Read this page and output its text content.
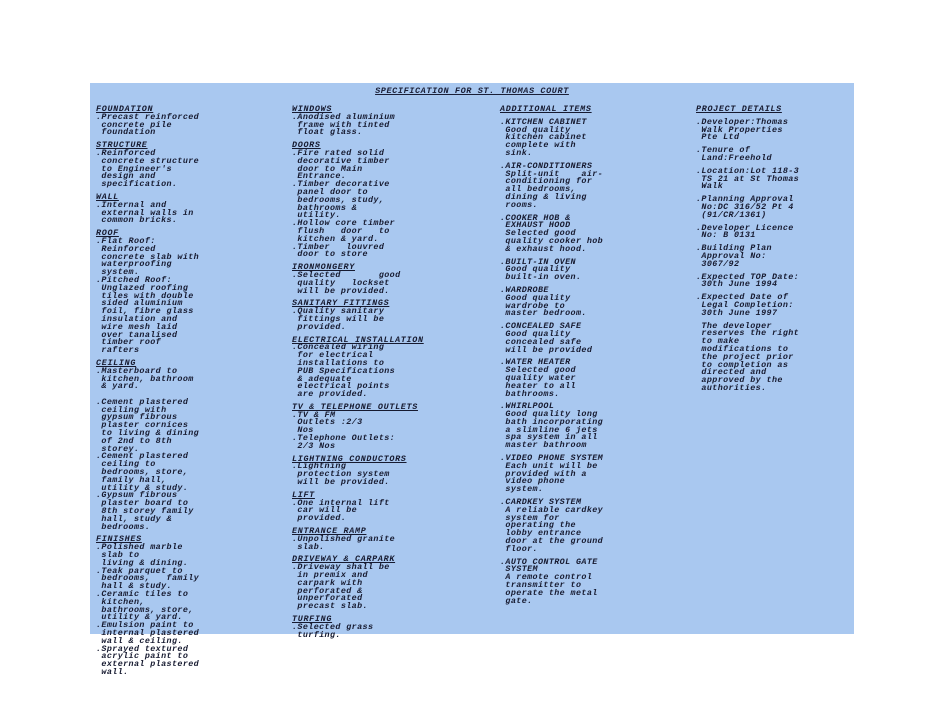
SPECIFICATION FOR ST. THOMAS COURT
FOUNDATION
.Precast reinforced
concrete pile
foundation
STRUCTURE
.Reinforced
concrete structure
to Engineer's
design and
specification.
WALL
.Internal and
external walls in
common bricks.
ROOF
.Flat Roof:
Reinforced
concrete slab with
waterproofing
system.
.Pitched Roof:
Unglazed roofing
tiles with double
sided aluminium
foil, fibre glass
insulation and
wire mesh laid
over tanalised
timber roof
rafters
CEILING
.Masterboard to
kitchen, bathroom
& yard.

.Cement plastered
ceiling with
gypsum fibrous
plaster cornices
to living & dining
of 2nd to 8th
storey.
.Cement plastered
ceiling to
bedrooms, store,
family hall,
utility & study.
.Gypsum fibrous
plaster board to
8th storey family
hall, study &
bedrooms.
FINISHES
.Polished marble
slab to
living & dining.
.Teak parquet to
bedrooms,   family
hall & study.
.Ceramic tiles to
kitchen,
bathrooms, store,
utility & yard.
.Emulsion paint to
internal plastered
wall & ceiling.
.Sprayed textured
acrylic paint to
external plastered
wall.
WINDOWS
.Anodised aluminium
frame with tinted
float glass.
DOORS
.Fire rated solid
decorative timber
door to Main
Entrance.
.Timber decorative
panel door to
bedrooms, study,
bathrooms &
utility.
.Hollow core timber
flush   door   to
kitchen & yard.
.Timber   louvred
door to store
IRONMONGERY
.Selected       good
quality   lockset
will be provided.
SANITARY FITTINGS
.Quality sanitary
fittings will be
provided.
ELECTRICAL INSTALLATION
.Concealed wiring
for electrical
installations to
PUB Specifications
& adequate
electrical points
are provided.
TV & TELEPHONE OUTLETS
.TV & FM
Outlets :2/3
Nos
.Telephone Outlets:
2/3 Nos
LIGHTNING CONDUCTORS
.Lightning
protection system
will be provided.
LIFT
.One internal lift
car will be
provided.
ENTRANCE RAMP
.Unpolished granite
slab.
DRIVEWAY & CARPARK
.Driveway shall be
in premix and
carpark with
perforated &
unperforated
precast slab.
TURFING
.Selected grass
turfing.
ADDITIONAL ITEMS
.KITCHEN CABINET
Good quality
kitchen cabinet
complete with
sink.
.AIR-CONDITIONERS
Split-unit    air-
conditioning for
all bedrooms,
dining & living
rooms.
.COOKER HOB &
EXHAUST HOOD
Selected good
quality cooker hob
& exhaust hood.
.BUILT-IN OVEN
Good quality
built-in oven.
.WARDROBE
Good quality
wardrobe to
master bedroom.
.CONCEALED SAFE
Good quality
concealed safe
will be provided
.WATER HEATER
Selected good
quality water
heater to all
bathrooms.
.WHIRLPOOL
Good quality long
bath incorporating
a slimline 6 jets
spa system in all
master bathroom
.VIDEO PHONE SYSTEM
Each unit will be
provided with a
video phone
system.
.CARDKEY SYSTEM
A reliable cardkey
system for
operating the
lobby entrance
door at the ground
floor.
.AUTO CONTROL GATE
SYSTEM
A remote control
transmitter to
operate the metal
gate.
PROJECT DETAILS
.Developer:Thomas
Walk Properties
Pte Ltd
.Tenure of
Land:Freehold
.Location:Lot 118-3
TS 21 at St Thomas
Walk
.Planning Approval
No:DC 316/52 Pt 4
(91/CR/1361)
.Developer Licence
No: B 0131
.Building Plan
Approval No:
3067/92
.Expected TOP Date:
30th June 1994
.Expected Date of
Legal Completion:
30th June 1997
The developer
reserves the right
to make
modifications to
the project prior
to completion as
directed and
approved by the
authorities.
